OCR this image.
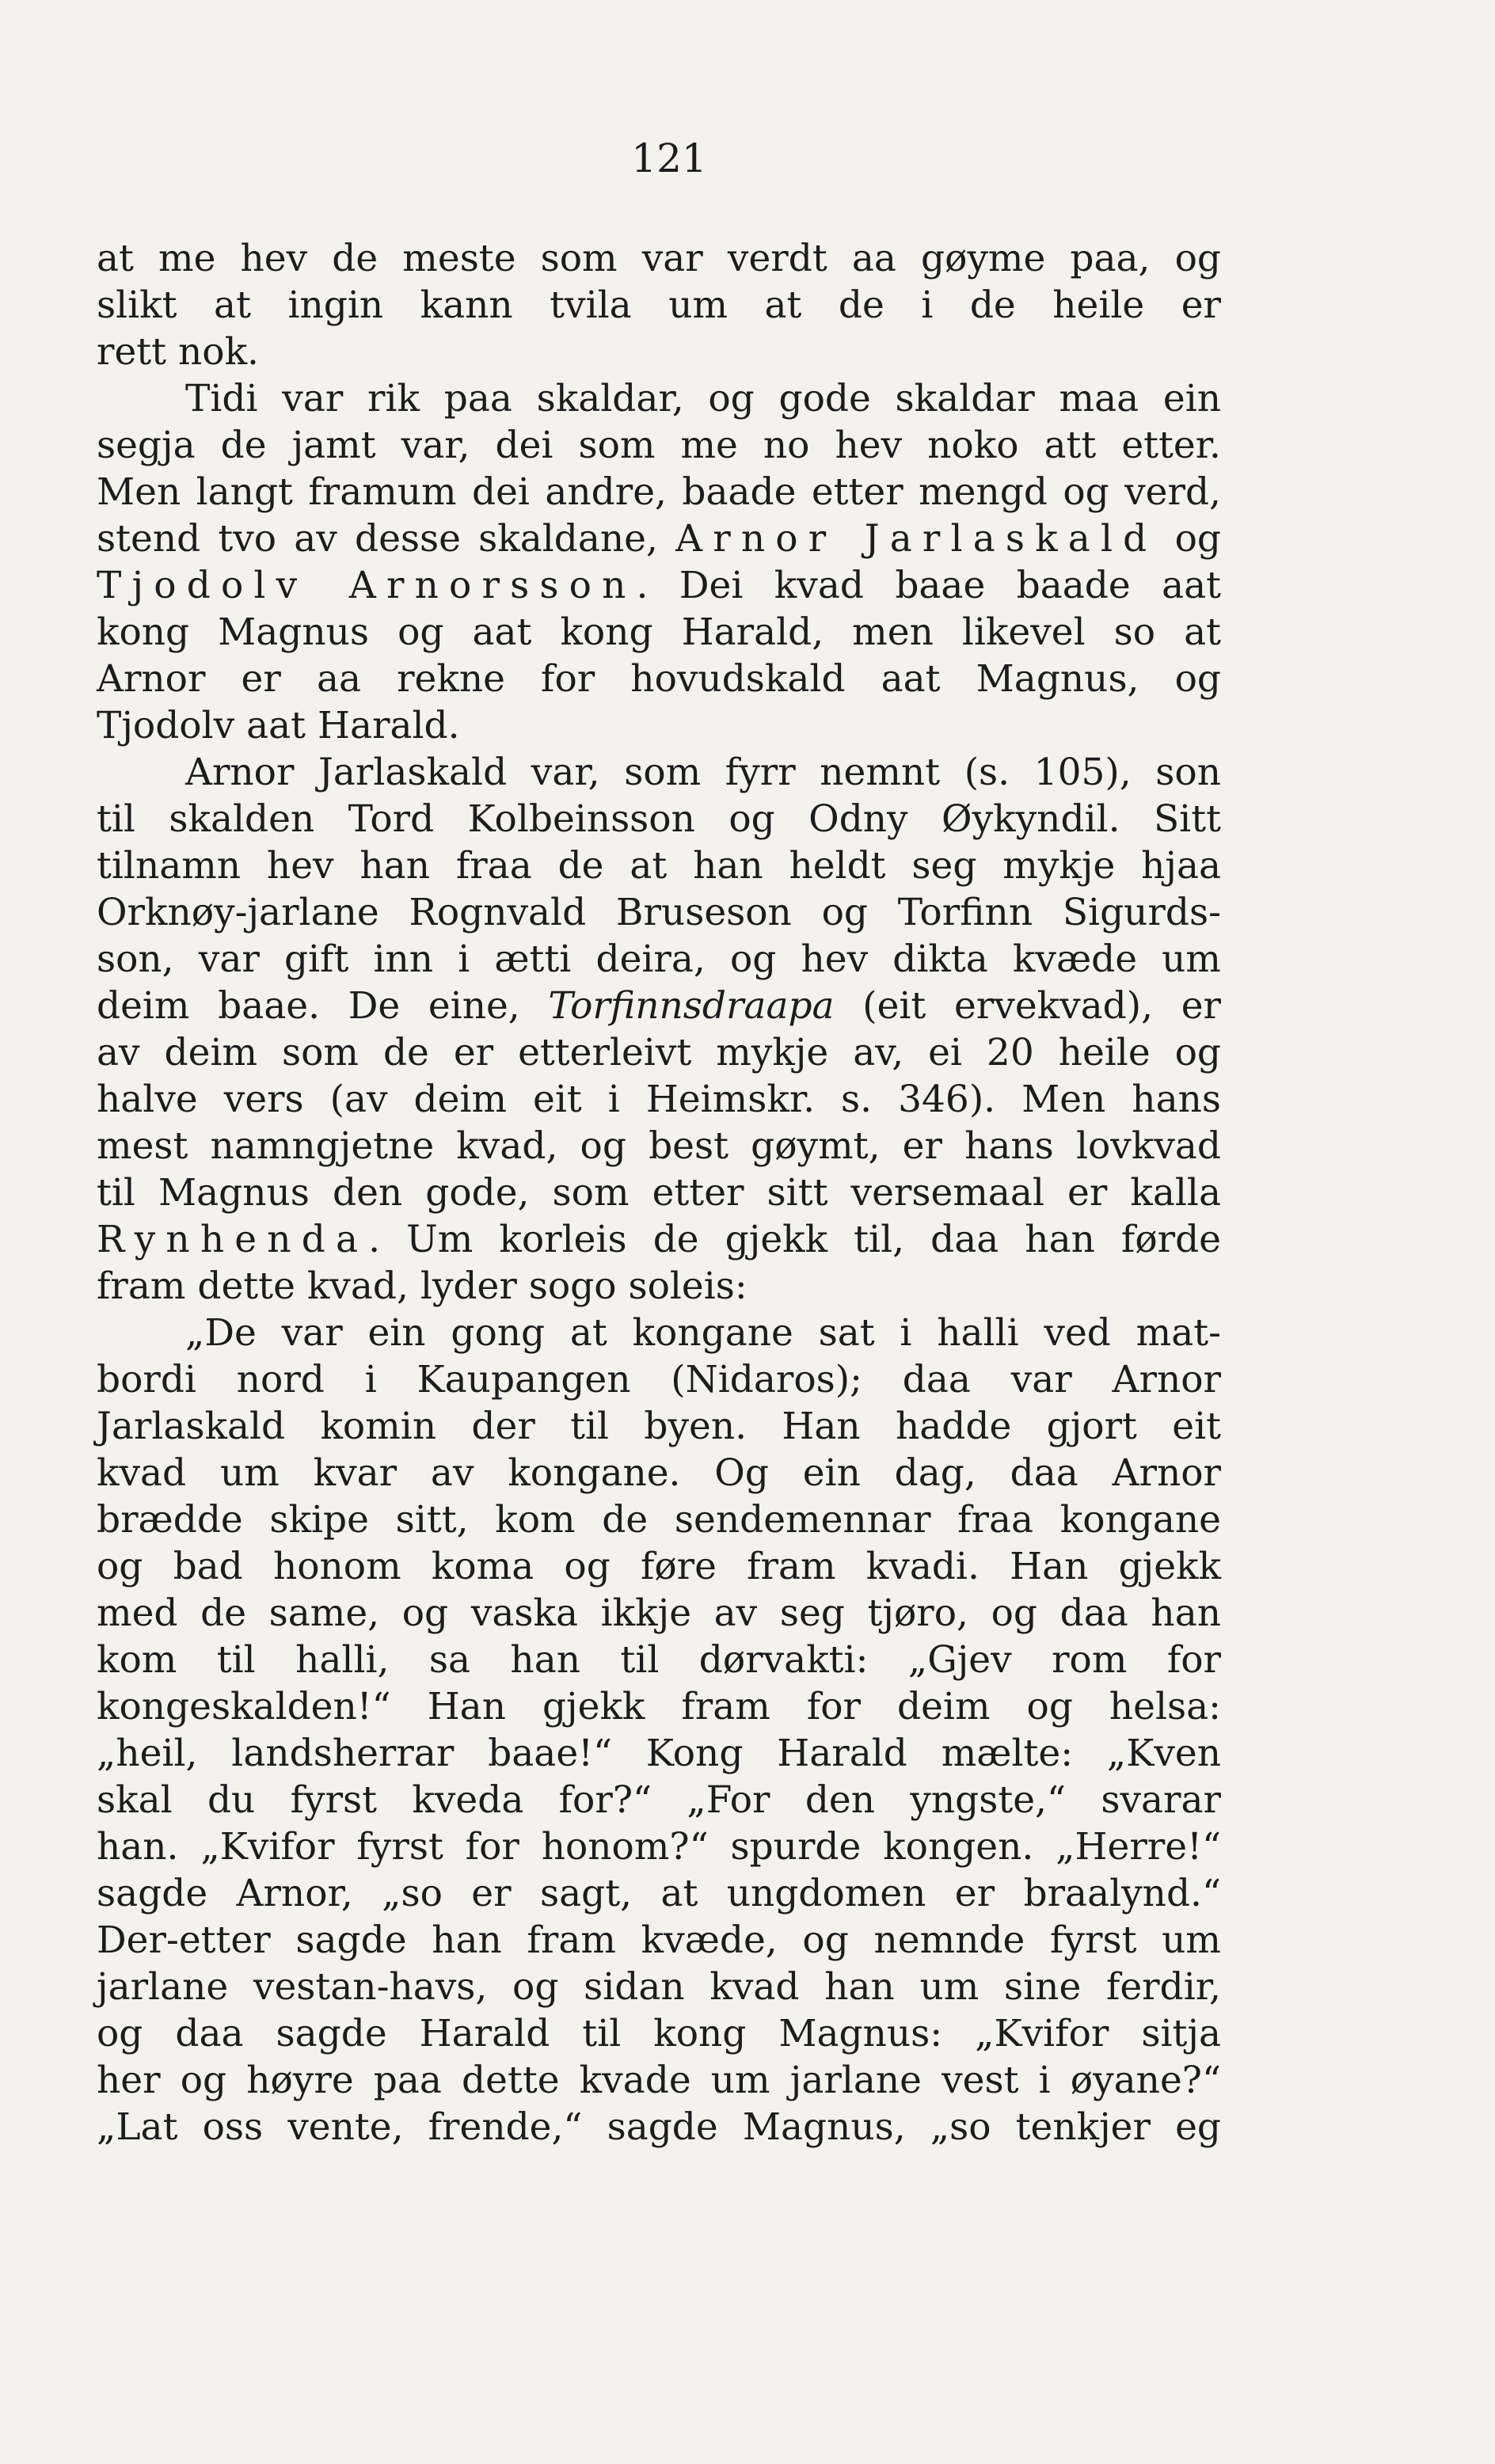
121
at me hev de meste som var verdt aa gøyme paa, og
slikt at ingin kann tvila um at de i de heile er
rett nok.
Tidi var rik paa skaldar, og gode skaldar maa ein
segja de jamt var, dei som me no hev noko att etter.
Men langt framum dei andre, baade etter mengd og verd,
stend tvo av desse skaldane, Arnor Jarlaskald og
Tjodolv Arnorsson. Dei kvad baae baade aat
kong Magnus og aat kong Harald, men likevel so at
Arnor er aa rekne for hovudskald aat Magnus, og
Tjodolv aat Harald.
Arnor Jarlaskald var, som fyrr nemnt (s. 105), son
til skalden Tord Kolbeinsson og Odny Øykyndil. Sitt
tilnamn hev han fraa de at han heldt seg mykje hjaa
Orknøy-jarlane Rognvald Bruseson og Torfinn Sigurds-
son, var gift inn i ætti deira, og hev dikta kvæde um
deim baae. De eine, Torfinnsdraapa (eit ervekvad), er
av deim som de er etterleivt mykje av, ei 20 heile og
halve vers (av deim eit i Heimskr. s. 346). Men hans
mest namngjetne kvad, og best gøymt, er hans lovkvad
til Magnus den gode, som etter sitt versemaal er kalla
Rynhenda. Um korleis de gjekk til, daa han førde
fram dette kvad, lyder sogo soleis:
„De var ein gong at kongane sat i halli ved mat-
bordi nord i Kaupangen (Nidaros); daa var Arnor
Jarlaskald komin der til byen. Han hadde gjort eit
kvad um kvar av kongane. Og ein dag, daa Arnor
brædde skipe sitt, kom de sendemennar fraa kongane
og bad honom koma og føre fram kvadi. Han gjekk
med de same, og vaska ikkje av seg tjøro, og daa han
kom til halli, sa han til dørvakti: „Gjev rom for
kongeskalden!“ Han gjekk fram for deim og helsa:
„heil, landsherrar baae!“ Kong Harald mælte: „Kven
skal du fyrst kveda for?“ „For den yngste,“ svarar
han. „Kvifor fyrst for honom?“ spurde kongen. „Herre!“
sagde Arnor, „so er sagt, at ungdomen er braalynd.“
Der-etter sagde han fram kvæde, og nemnde fyrst um
jarlane vestan-havs, og sidan kvad han um sine ferdir,
og daa sagde Harald til kong Magnus: „Kvifor sitja
her og høyre paa dette kvade um jarlane vest i øyane?“
„Lat oss vente, frende,“ sagde Magnus, „so tenkjer eg
